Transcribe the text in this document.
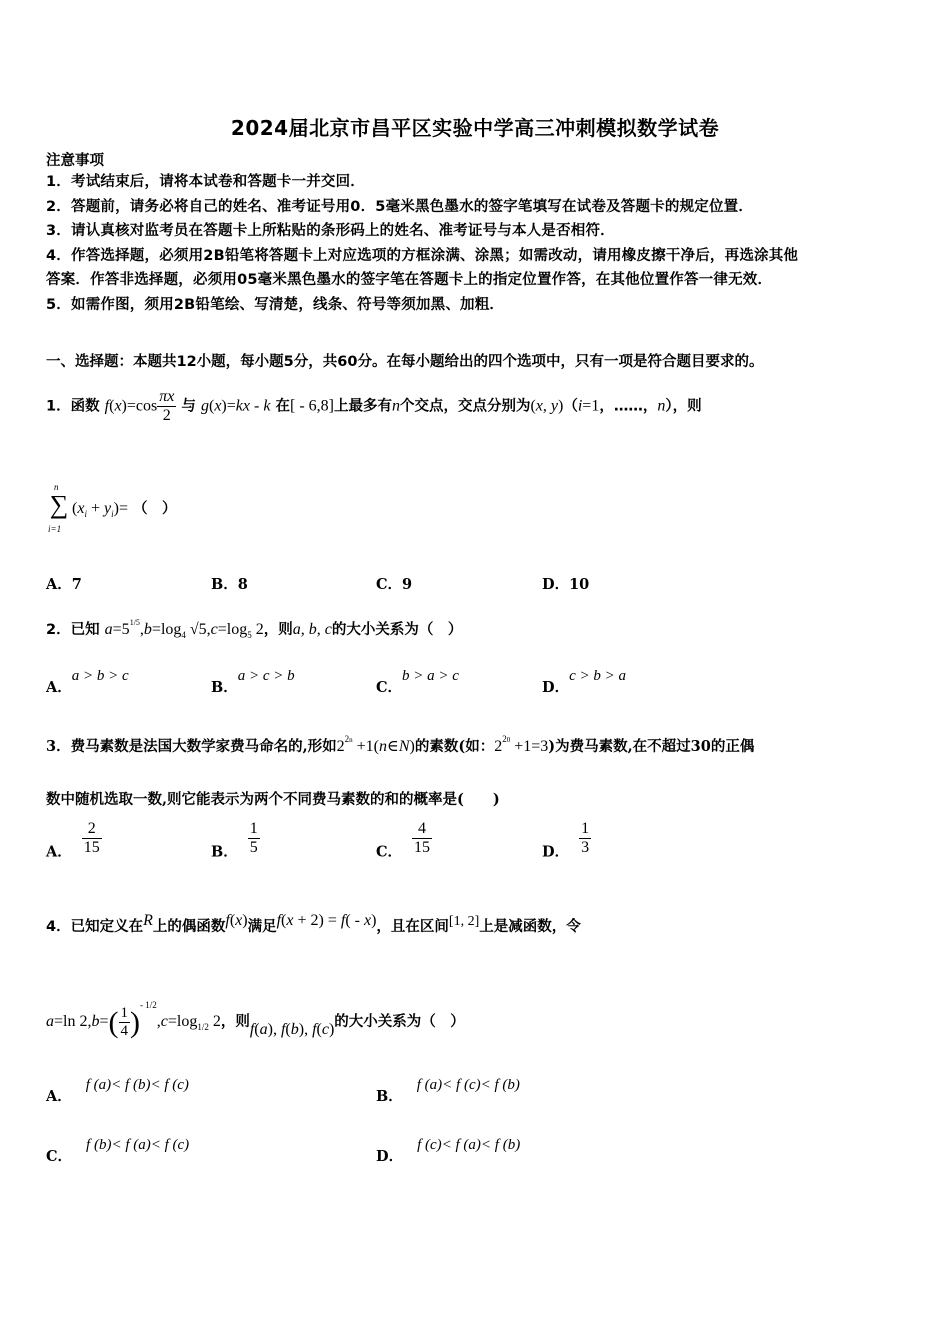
2024届北京市昌平区实验中学高三冲刺模拟数学试卷
注意事项
1．考试结束后，请将本试卷和答题卡一并交回．
2．答题前，请务必将自己的姓名、准考证号用0．5毫米黑色墨水的签字笔填写在试卷及答题卡的规定位置．
3．请认真核对监考员在答题卡上所粘贴的条形码上的姓名、准考证号与本人是否相符．
4．作答选择题，必须用2B铅笔将答题卡上对应选项的方框涂满、涂黑；如需改动，请用橡皮擦干净后，再选涂其他
答案．作答非选择题，必须用05毫米黑色墨水的签字笔在答题卡上的指定位置作答，在其他位置作答一律无效．
5．如需作图，须用2B铅笔绘、写清楚，线条、符号等须加黑、加粗．
一、选择题：本题共12小题，每小题5分，共60分。在每小题给出的四个选项中，只有一项是符合题目要求的。
1．函数 $f(x)=\cos \frac{\pi x}{2}$ 与 g(x)=kx - k 在[ - 6,8]上最多有n个交点，交点分别为(x, y)（i=1，……，n），则
n
∑
i=1
$(x_i + y_i)=$ （　）
A．7	B．8	C．9	D．10
2．已知 $a=5^{1/5},b=\log_4$ $√5,c=\log_5$ 2，则a, b, c的大小关系为（　）
A．a > b > c
B．a > c > b
C．b > a > c
D．c > b > a
3．费马素数是法国大数学家费马命名的,形如$2^{2n}$ +1(n∈N)的素数(如：$2^{20} +1=3$)为费马素数,在不超过30的正偶
数中随机选取一数,则它能表示为两个不同费马素数的和的概率是(　　)
A． $\frac{2}{15}$	B． $\frac{1}{5}$	C． $\frac{4}{15}$	D． $\frac{1}{3}$
4．已知定义在R上的偶函数f(x)满足f(x + 2) = f( - x)，且在区间[1, 2]上是减函数，令
a=ln $2,b=( \frac{1}{4} )^{- 1/2},c=\log_{1/2}$ 2，则f(a), f(b), f(c)的大小关系为（　）
A．f (a)< f (b)< f (c)
B．f (a)< f (c)< f (b)
C．f (b)< f (a)< f (c)
D．f (c)< f (a)< f (b)
